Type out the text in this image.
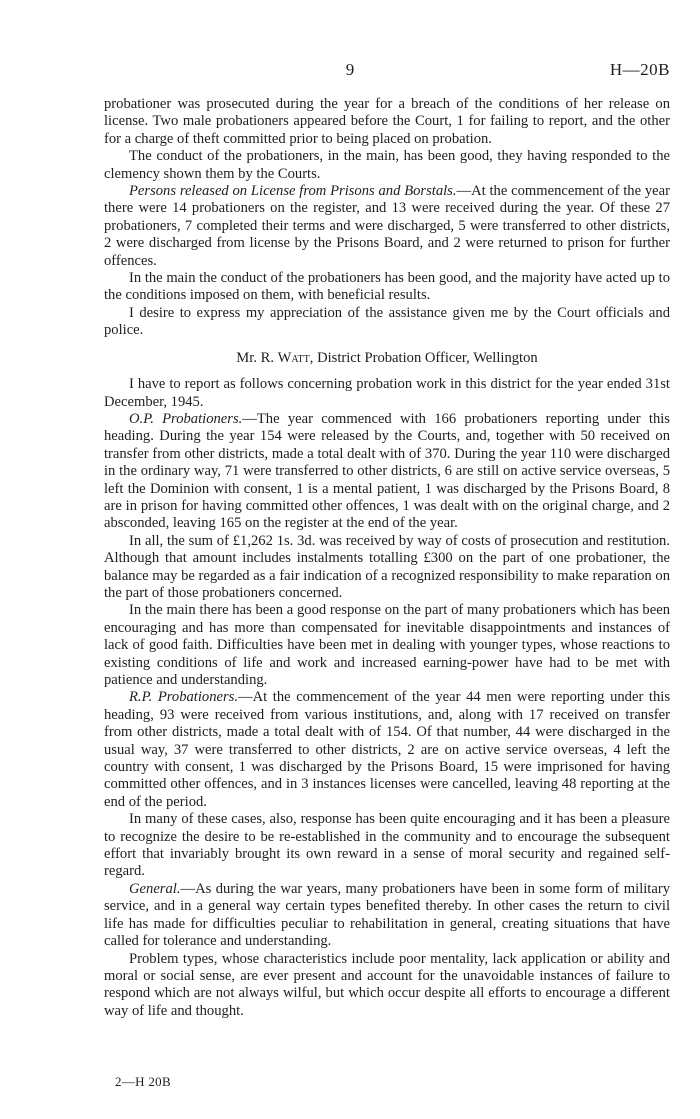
9	H—20B

probationer was prosecuted during the year for a breach of the conditions of her release on license. Two male probationers appeared before the Court, 1 for failing to report, and the other for a charge of theft committed prior to being placed on probation.

The conduct of the probationers, in the main, has been good, they having responded to the clemency shown them by the Courts.

Persons released on License from Prisons and Borstals.—At the commencement of the year there were 14 probationers on the register, and 13 were received during the year. Of these 27 probationers, 7 completed their terms and were discharged, 5 were transferred to other districts, 2 were discharged from license by the Prisons Board, and 2 were returned to prison for further offences.

In the main the conduct of the probationers has been good, and the majority have acted up to the conditions imposed on them, with beneficial results.

I desire to express my appreciation of the assistance given me by the Court officials and police.

Mr. R. Watt, District Probation Officer, Wellington

I have to report as follows concerning probation work in this district for the year ended 31st December, 1945.

O.P. Probationers.—The year commenced with 166 probationers reporting under this heading. During the year 154 were released by the Courts, and, together with 50 received on transfer from other districts, made a total dealt with of 370. During the year 110 were discharged in the ordinary way, 71 were transferred to other districts, 6 are still on active service overseas, 5 left the Dominion with consent, 1 is a mental patient, 1 was discharged by the Prisons Board, 8 are in prison for having committed other offences, 1 was dealt with on the original charge, and 2 absconded, leaving 165 on the register at the end of the year.

In all, the sum of £1,262 1s. 3d. was received by way of costs of prosecution and restitution. Although that amount includes instalments totalling £300 on the part of one probationer, the balance may be regarded as a fair indication of a recognized responsibility to make reparation on the part of those probationers concerned.

In the main there has been a good response on the part of many probationers which has been encouraging and has more than compensated for inevitable disappointments and instances of lack of good faith. Difficulties have been met in dealing with younger types, whose reactions to existing conditions of life and work and increased earning-power have had to be met with patience and understanding.

R.P. Probationers.—At the commencement of the year 44 men were reporting under this heading, 93 were received from various institutions, and, along with 17 received on transfer from other districts, made a total dealt with of 154. Of that number, 44 were discharged in the usual way, 37 were transferred to other districts, 2 are on active service overseas, 4 left the country with consent, 1 was discharged by the Prisons Board, 15 were imprisoned for having committed other offences, and in 3 instances licenses were cancelled, leaving 48 reporting at the end of the period.

In many of these cases, also, response has been quite encouraging and it has been a pleasure to recognize the desire to be re-established in the community and to encourage the subsequent effort that invariably brought its own reward in a sense of moral security and regained self-regard.

General.—As during the war years, many probationers have been in some form of military service, and in a general way certain types benefited thereby. In other cases the return to civil life has made for difficulties peculiar to rehabilitation in general, creating situations that have called for tolerance and understanding.

Problem types, whose characteristics include poor mentality, lack application or ability and moral or social sense, are ever present and account for the unavoidable instances of failure to respond which are not always wilful, but which occur despite all efforts to encourage a different way of life and thought.

2—H 20B
